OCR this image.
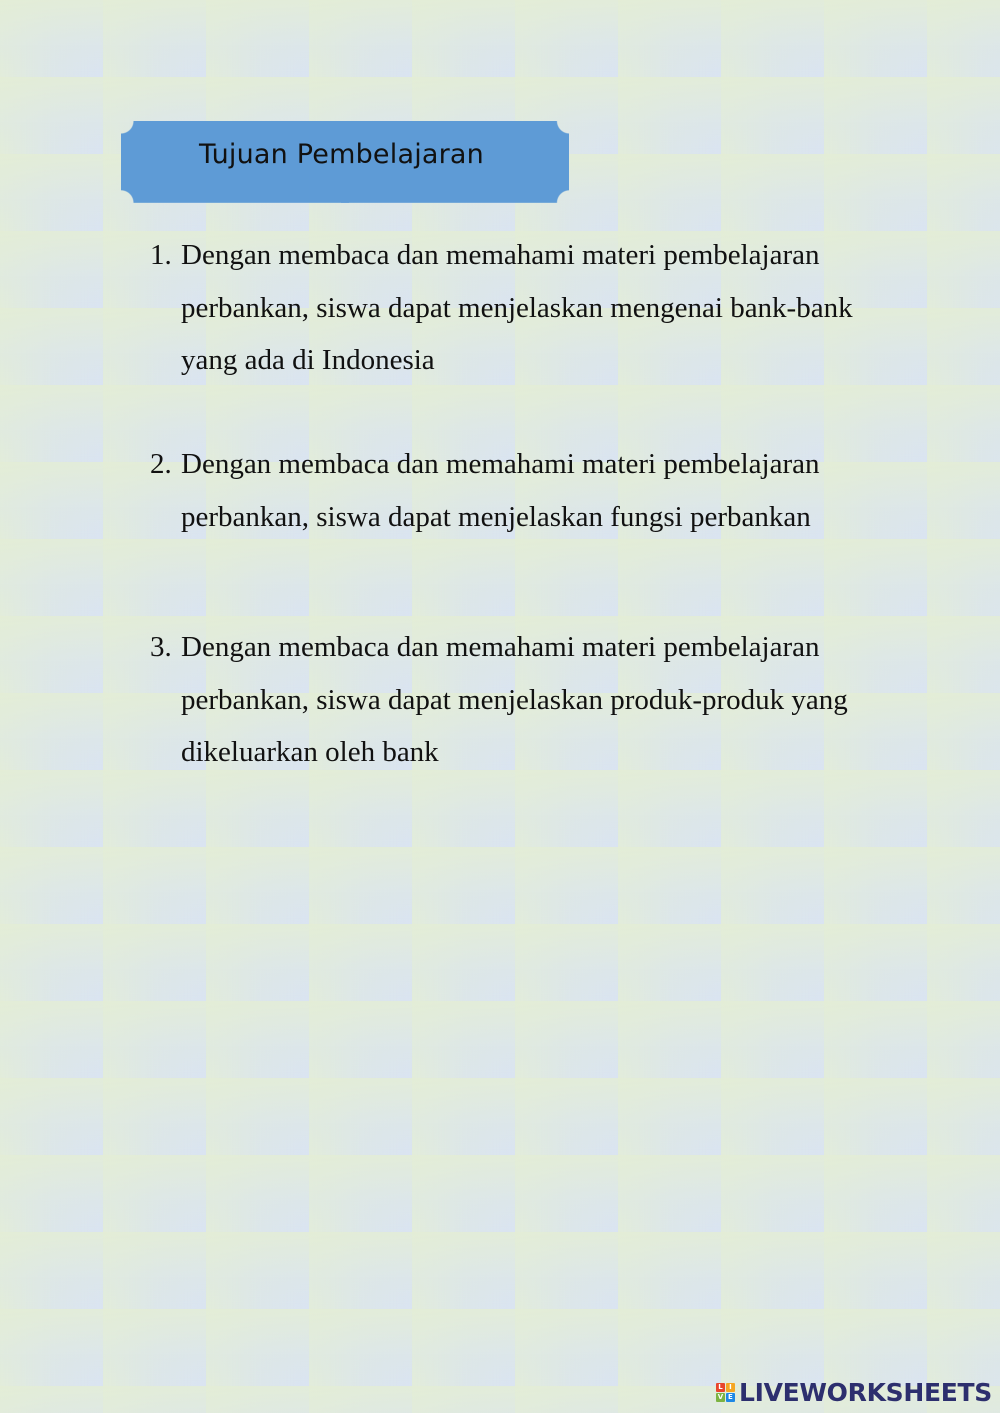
Tujuan Pembelajaran
1. Dengan membaca dan memahami materi pembelajaran perbankan, siswa dapat menjelaskan mengenai bank-bank yang ada di Indonesia
2. Dengan membaca dan memahami materi pembelajaran perbankan, siswa dapat menjelaskan fungsi perbankan
3. Dengan membaca dan memahami materi pembelajaran perbankan, siswa dapat menjelaskan produk-produk yang dikeluarkan oleh bank
L I
V E LIVEWORKSHEETS
